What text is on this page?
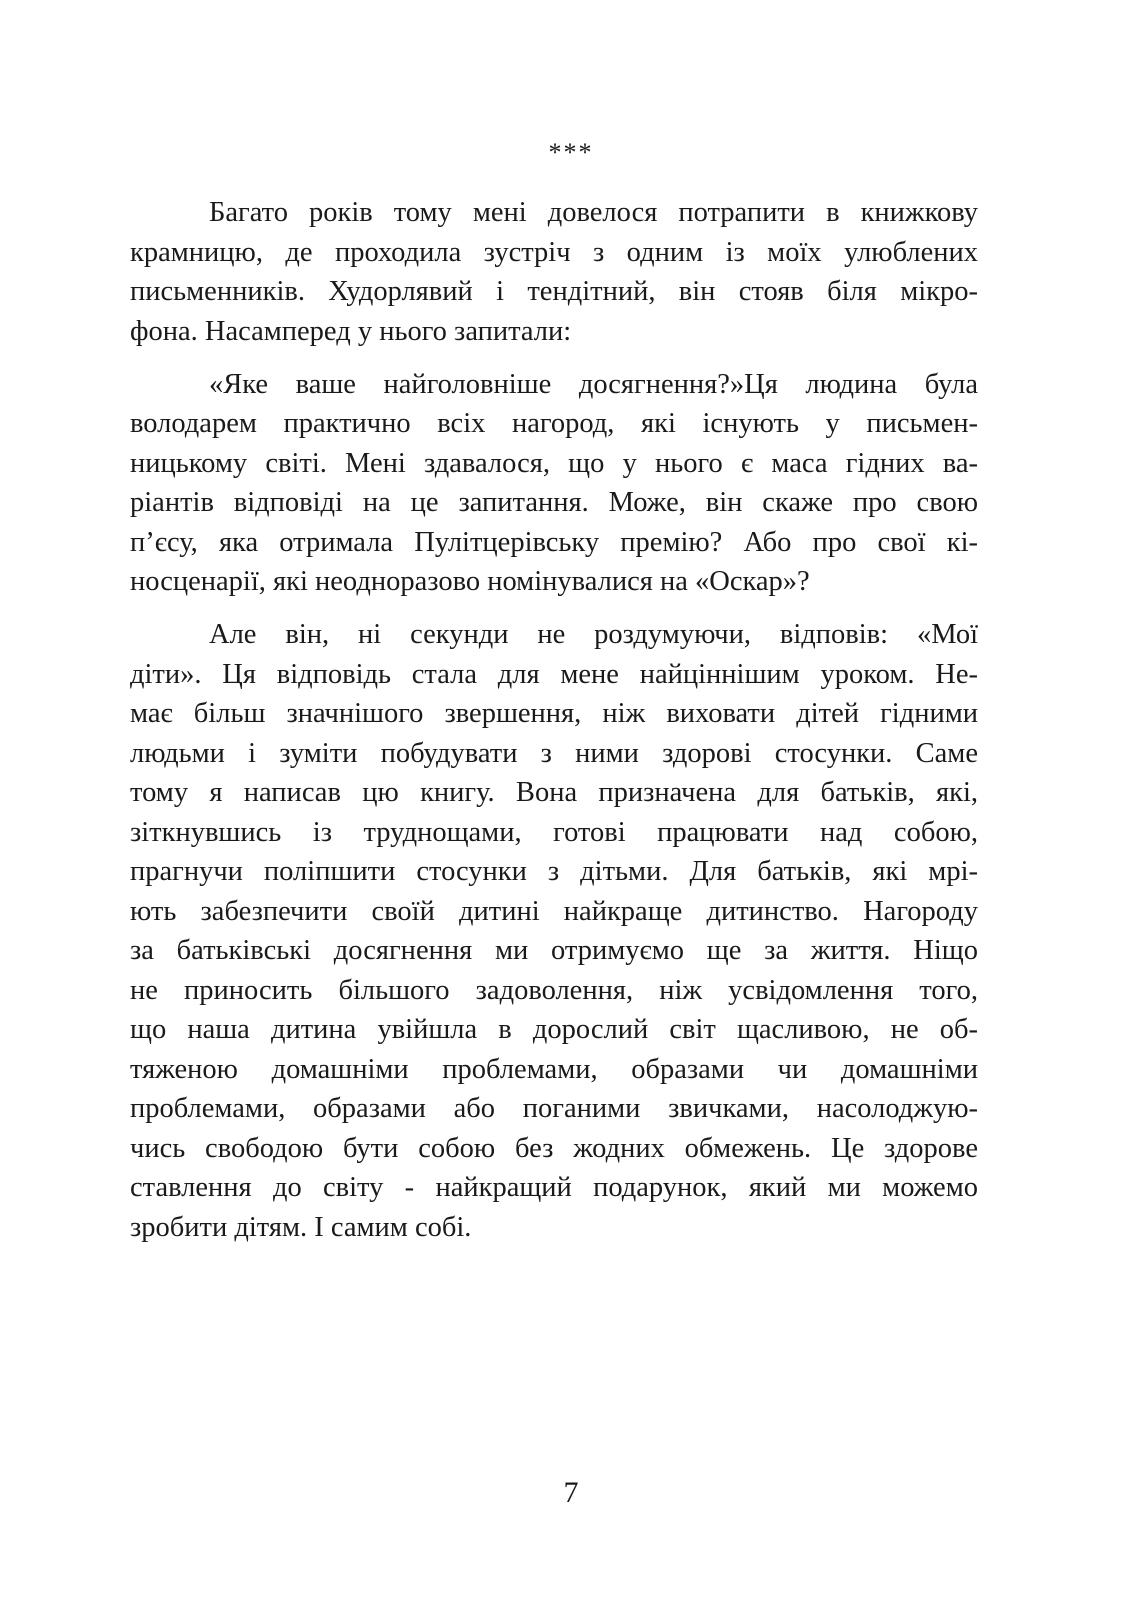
***
Багато років тому мені довелося потрапити в книжкову
крамницю, де проходила зустріч з одним із моїх улюблених
письменників. Худорлявий і тендітний, він стояв біля мікро-
фона. Насамперед у нього запитали:
«Яке ваше найголовніше досягнення?»Ця людина була
володарем практично всіх нагород, які існують у письмен-
ницькому світі. Мені здавалося, що у нього є маса гідних ва-
ріантів відповіді на це запитання. Може, він скаже про свою
п’єсу, яка отримала Пулітцерівську премію? Або про свої кі-
носценарії, які неодноразово номінувалися на «Оскар»?
Але він, ні секунди не роздумуючи, відповів: «Мої
діти». Ця відповідь стала для мене найціннішим уроком. Не-
має більш значнішого звершення, ніж виховати дітей гідними
людьми і зуміти побудувати з ними здорові стосунки. Саме
тому я написав цю книгу. Вона призначена для батьків, які,
зіткнувшись із труднощами, готові працювати над собою,
прагнучи поліпшити стосунки з дітьми. Для батьків, які мрі-
ють забезпечити своїй дитині найкраще дитинство. Нагороду
за батьківські досягнення ми отримуємо ще за життя. Ніщо
не приносить більшого задоволення, ніж усвідомлення того,
що наша дитина увійшла в дорослий світ щасливою, не об-
тяженою домашніми проблемами, образами чи домашніми
проблемами, образами або поганими звичками, насолоджую-
чись свободою бути собою без жодних обмежень. Це здорове
ставлення до світу - найкращий подарунок, який ми можемо
зробити дітям. І самим собі.
7
